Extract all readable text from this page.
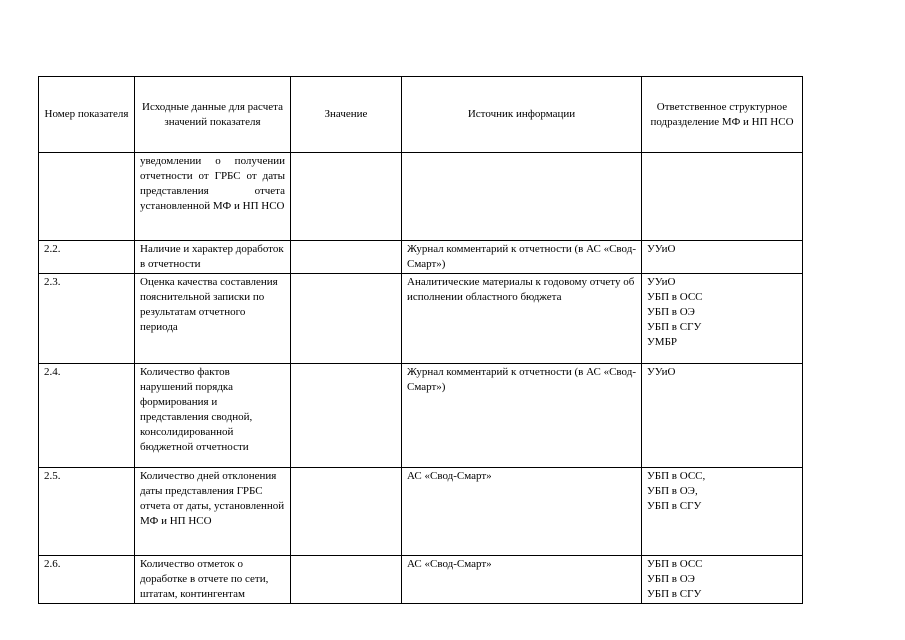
Номер показателя	Исходные данные для расчета значений показателя	Значение	Источник информации	Ответственное структурное подразделение МФ и НП НСО
	уведомлении о получении отчетности от ГРБС от даты представления отчета установленной МФ и НП НСО			
2.2.	Наличие и характер доработок в отчетности		Журнал комментарий к отчетности (в АС «Свод-Смарт»)	УУиО

2.3.	Оценка качества составления пояснительной записки по результатам отчетного периода		Аналитические материалы к годовому отчету об исполнении областного бюджета	УУиО
УБП в ОСС
УБП в ОЭ
УБП в СГУ
УМБР

2.4.	Количество фактов нарушений порядка формирования и представления сводной, консолидированной бюджетной отчетности		Журнал комментарий к отчетности (в АС «Свод-Смарт»)	УУиО

2.5.	Количество дней отклонения даты представления ГРБС отчета от даты, установленной МФ и НП НСО		АС «Свод-Смарт»	УБП в ОСС,
УБП в ОЭ,
УБП в СГУ

2.6.	Количество отметок о доработке в отчете по сети, штатам, контингентам		АС «Свод-Смарт»	УБП в ОСС
УБП в ОЭ
УБП в СГУ
